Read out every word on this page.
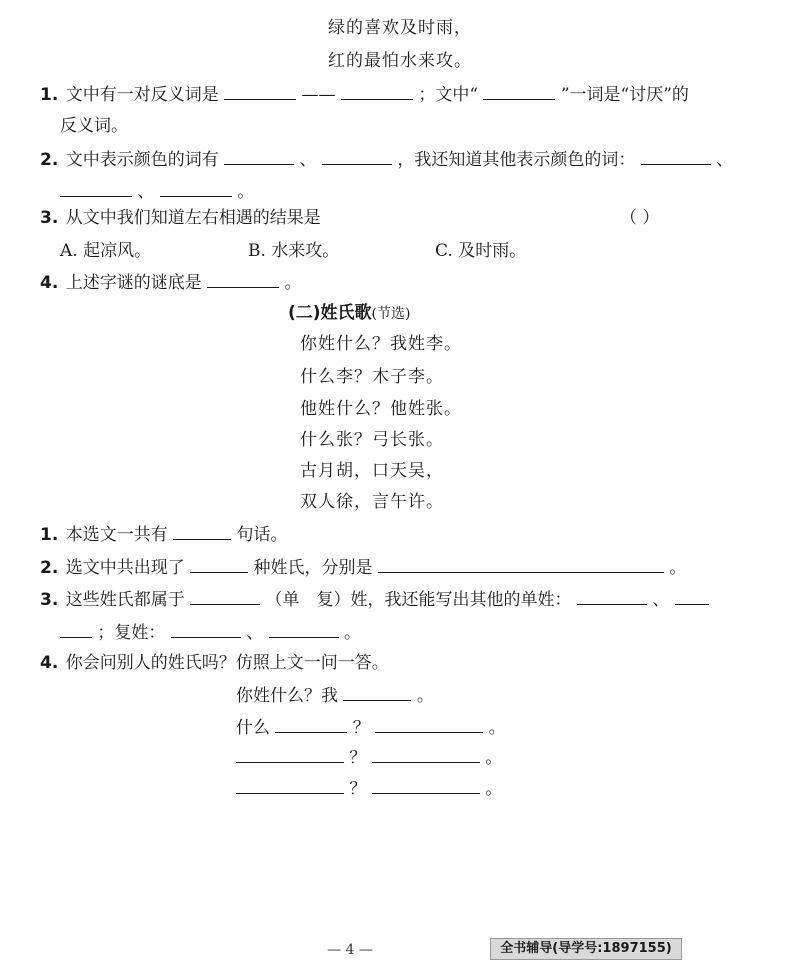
绿的喜欢及时雨，
红的最怕水来攻。
1. 文中有一对反义词是	——	；文中“	”一词是“讨厌”的
反义词。
2. 文中表示颜色的词有	、	，我还知道其他表示颜色的词：	、
、	。
3. 从文中我们知道左右相遇的结果是	（ ）
A. 起凉风。	B. 水来攻。	C. 及时雨。
4. 上述字谜的谜底是	。
(二)姓氏歌(节选)
你姓什么？我姓李。
什么李？木子李。
他姓什么？他姓张。
什么张？弓长张。
古月胡，口天吴，
双人徐，言午许。
1. 本选文一共有	句话。
2. 选文中共出现了	种姓氏，分别是	。
3. 这些姓氏都属于	（单　复）姓，我还能写出其他的单姓：	、
；复姓：	、	。
4. 你会问别人的姓氏吗？仿照上文一问一答。
你姓什么？我	。
什么	？	。
？	。
？	。
— 4 —	全书辅导(导学号:1897155)
